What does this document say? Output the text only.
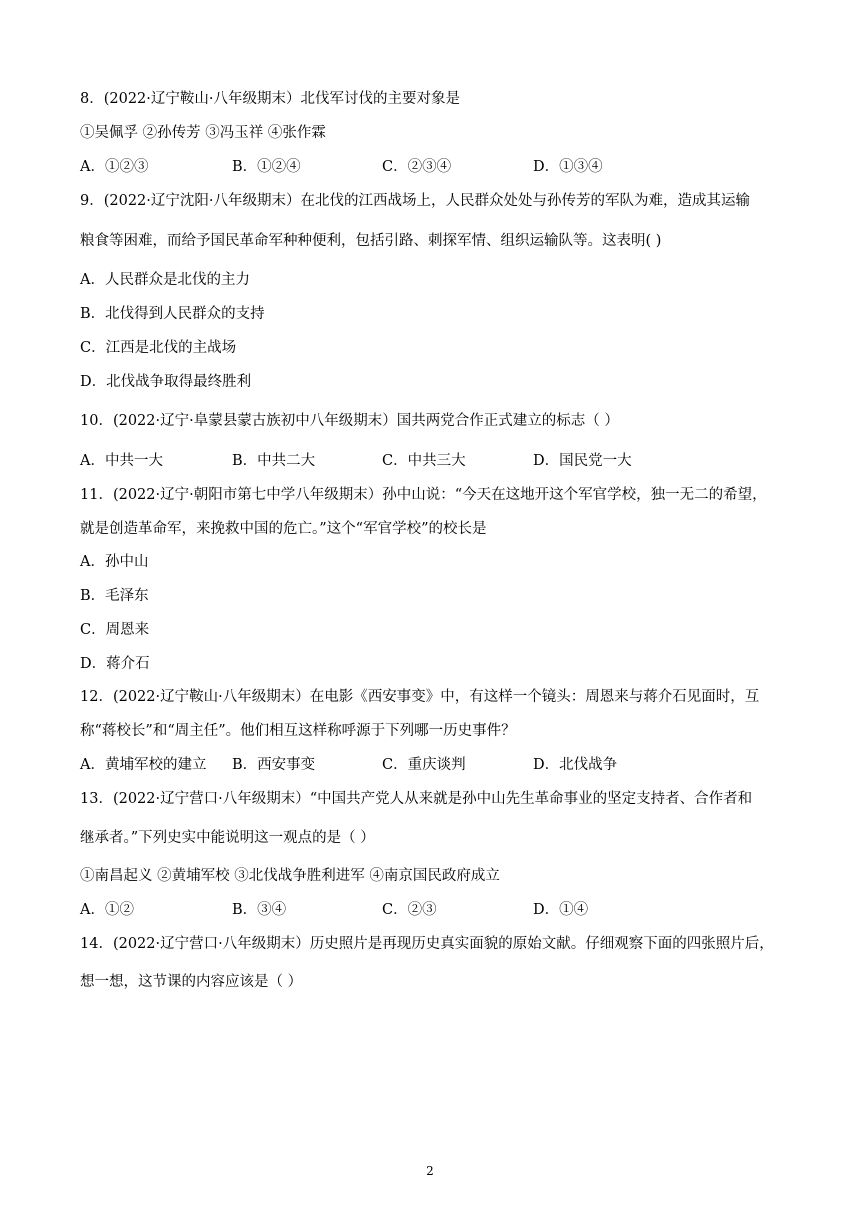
8．(2022·辽宁鞍山·八年级期末）北伐军讨伐的主要对象是
①吴佩孚 ②孙传芳 ③冯玉祥 ④张作霖
A．①②③	B．①②④	C．②③④	D．①③④
9．(2022·辽宁沈阳·八年级期末）在北伐的江西战场上，人民群众处处与孙传芳的军队为难，造成其运输
粮食等困难，而给予国民革命军种种便利，包括引路、刺探军情、组织运输队等。这表明( )
A．人民群众是北伐的主力
B．北伐得到人民群众的支持
C．江西是北伐的主战场
D．北伐战争取得最终胜利
10．(2022·辽宁·阜蒙县蒙古族初中八年级期末）国共两党合作正式建立的标志（ ）
A．中共一大	B．中共二大	C．中共三大	D．国民党一大
11．(2022·辽宁·朝阳市第七中学八年级期末）孙中山说：“今天在这地开这个军官学校，独一无二的希望，
就是创造革命军，来挽救中国的危亡。”这个“军官学校”的校长是
A．孙中山
B．毛泽东
C．周恩来
D．蒋介石
12．(2022·辽宁鞍山·八年级期末）在电影《西安事变》中，有这样一个镜头：周恩来与蒋介石见面时，互
称“蒋校长”和“周主任”。他们相互这样称呼源于下列哪一历史事件？
A．黄埔军校的建立 B．西安事变	C．重庆谈判	D．北伐战争
13．(2022·辽宁营口·八年级期末）“中国共产党人从来就是孙中山先生革命事业的坚定支持者、合作者和
继承者。”下列史实中能说明这一观点的是（ ）
①南昌起义 ②黄埔军校 ③北伐战争胜利进军 ④南京国民政府成立
A．①②	B．③④	C．②③	D．①④
14．(2022·辽宁营口·八年级期末）历史照片是再现历史真实面貌的原始文献。仔细观察下面的四张照片后，
想一想，这节课的内容应该是（ ）
2
